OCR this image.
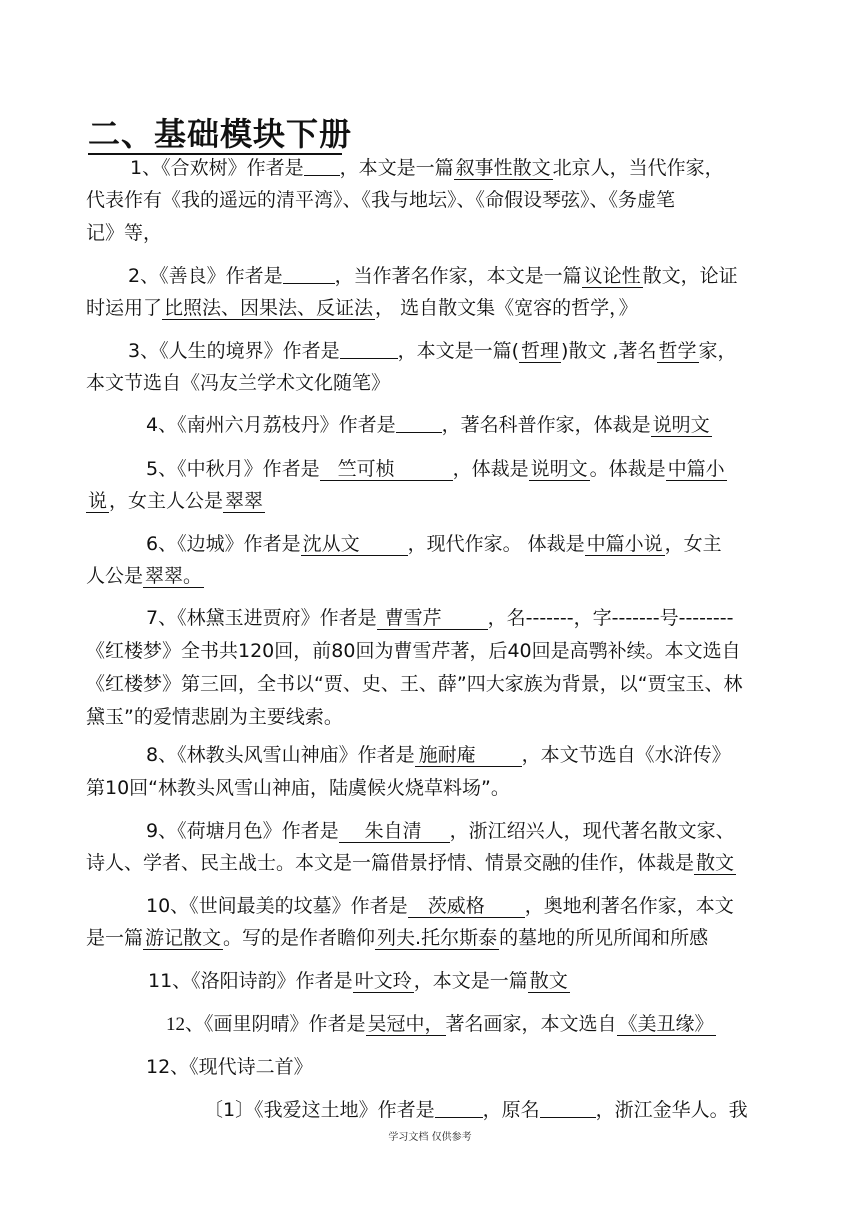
二、基础模块下册
1、《合欢树》作者是 ，本文是一篇 叙事性散文 北京人，当代作家，
代表作有《我的遥远的清平湾》、《我与地坛》、《命假设琴弦》、《务虚笔
记》等，
2、《善良》作者是	，当作著名作家，本文是一篇 议论性 散文，论证
时运用了 比照法、因果法、反证法 ， 选自散文集《宽容的哲学，》
3、《人生的境界》作者是	，本文是一篇( 哲理 )散文 ,著名 哲学 家，
本文节选自《冯友兰学术文化随笔》
4、《南州六月荔枝丹》作者是 ，著名科普作家，体裁是 说明文
5、《中秋月》作者是 竺可桢	，体裁是 说明文 。体裁是 中篇小
说 ，女主人公是 翠翠
6、《边城》作者是 沈从文	，现代作家。 体裁是 中篇小说 ，女主
人公是 翠翠。
7、《林黛玉进贾府》作者是 曹雪芹 ，名-------，字-------号--------
《红楼梦》全书共120回，前80回为曹雪芹著，后40回是高鹗补续。本文选自
《红楼梦》第三回，全书以“贾、史、王、薛”四大家族为背景，以“贾宝玉、林
黛玉”的爱情悲剧为主要线索。
8、《林教头风雪山神庙》作者是 施耐庵 ，本文节选自《水浒传》
第10回“林教头风雪山神庙，陆虞候火烧草料场”。
9、《荷塘月色》作者是 朱自清 ，浙江绍兴人，现代著名散文家、
诗人、学者、民主战士。本文是一篇借景抒情、情景交融的佳作，体裁是 散文
10、《世间最美的坟墓》作者是 茨威格 ，奥地利著名作家，本文
是一篇 游记散文 。写的是作者瞻仰 列夫.托尔斯泰 的墓地的所见所闻和所感
11、《洛阳诗韵》作者是 叶文玲 ，本文是一篇 散文
12、《画里阴晴》作者是 吴冠中， 著名画家，本文选自 《美丑缘》
12、《现代诗二首》
〔1〕《我爱这土地》作者是	，原名	，浙江金华人。我
学习文档 仅供参考
